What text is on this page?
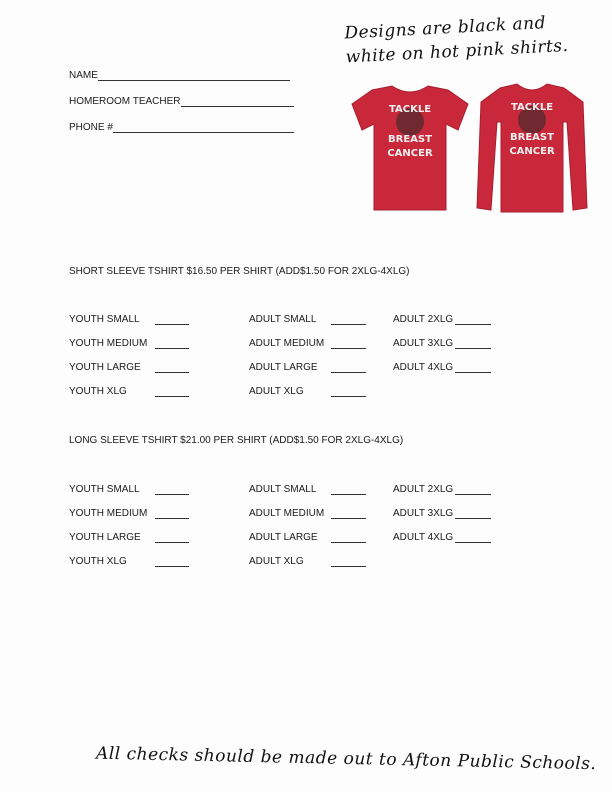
Designs are black and white on hot pink shirts.
NAME
HOMEROOM TEACHER
PHONE #
TACKLE
BREAST
CANCER
TACKLE
BREAST
CANCER
SHORT SLEEVE TSHIRT $16.50 PER SHIRT (ADD$1.50 FOR 2XLG-4XLG)
YOUTH SMALL
YOUTH MEDIUM
YOUTH LARGE
YOUTH XLG
ADULT SMALL
ADULT MEDIUM
ADULT LARGE
ADULT XLG
ADULT 2XLG
ADULT 3XLG
ADULT 4XLG
LONG SLEEVE TSHIRT $21.00 PER SHIRT (ADD$1.50 FOR 2XLG-4XLG)
YOUTH SMALL
YOUTH MEDIUM
YOUTH LARGE
YOUTH XLG
ADULT SMALL
ADULT MEDIUM
ADULT LARGE
ADULT XLG
ADULT 2XLG
ADULT 3XLG
ADULT 4XLG
All checks should be made out to Afton Public Schools.
